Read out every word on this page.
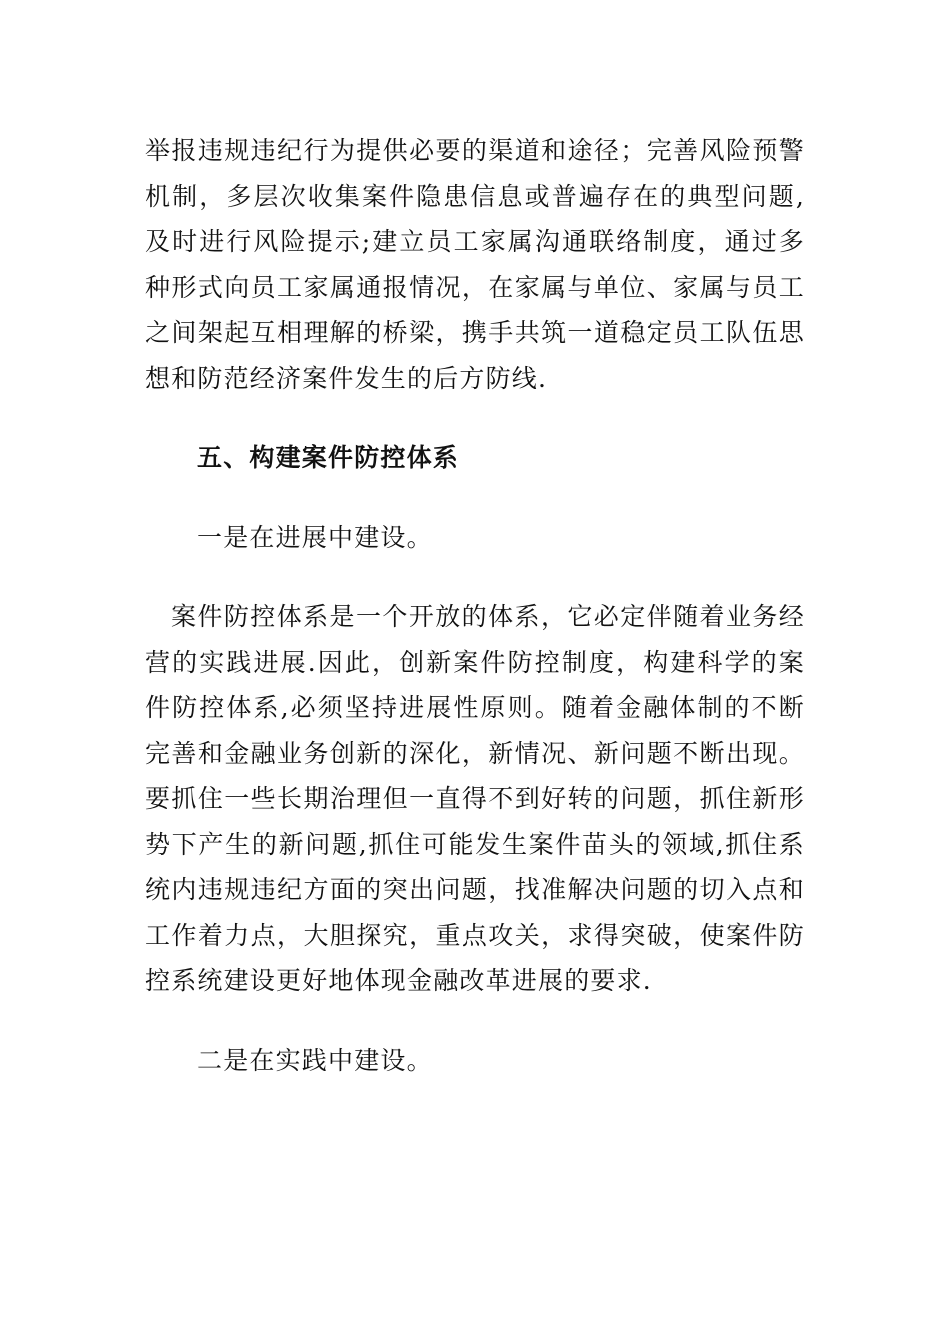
举报违规违纪行为提供必要的渠道和途径；完善风险预警机制，多层次收集案件隐患信息或普遍存在的典型问题,及时进行风险提示;建立员工家属沟通联络制度，通过多种形式向员工家属通报情况，在家属与单位、家属与员工之间架起互相理解的桥梁，携手共筑一道稳定员工队伍思想和防范经济案件发生的后方防线.

五、构建案件防控体系

一是在进展中建设。

案件防控体系是一个开放的体系，它必定伴随着业务经营的实践进展.因此，创新案件防控制度，构建科学的案件防控体系,必须坚持进展性原则。随着金融体制的不断完善和金融业务创新的深化，新情况、新问题不断出现。要抓住一些长期治理但一直得不到好转的问题，抓住新形势下产生的新问题,抓住可能发生案件苗头的领域,抓住系统内违规违纪方面的突出问题，找准解决问题的切入点和工作着力点，大胆探究，重点攻关，求得突破，使案件防控系统建设更好地体现金融改革进展的要求.

二是在实践中建设。
